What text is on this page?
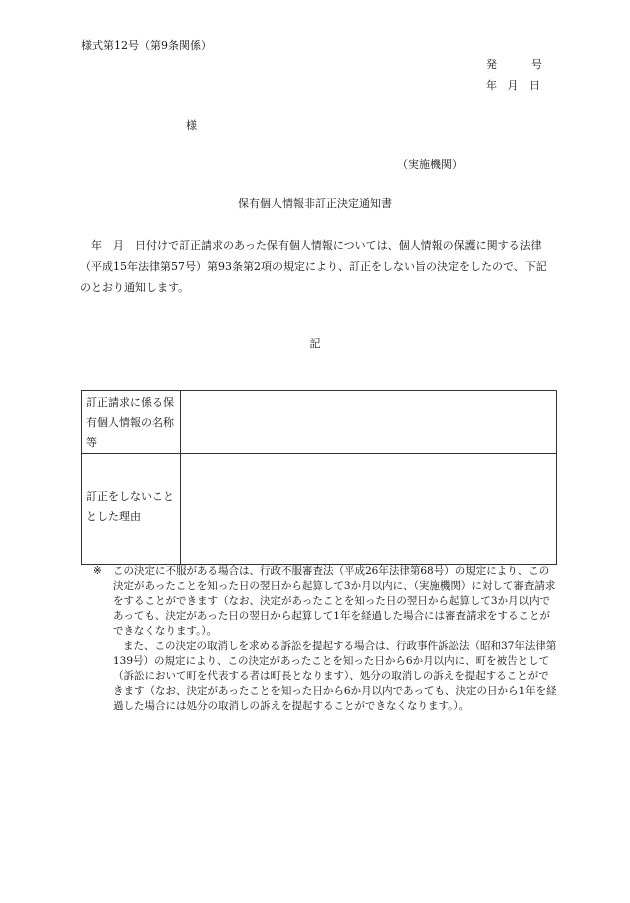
様式第12号（第9条関係）
発	号
年 月 日
様
（実施機関）
保有個人情報非訂正決定通知書
　年　月　日付けで訂正請求のあった保有個人情報については、個人情報の保護に関する法律（平成15年法律第57号）第93条第2項の規定により、訂正をしない旨の決定をしたので、下記のとおり通知します。
記
訂正請求に係る保有個人情報の名称等	

訂正をしないこととした理由	

※ この決定に不服がある場合は、行政不服審査法（平成26年法律第68号）の規定により、この決定があったことを知った日の翌日から起算して3か月以内に、（実施機関）に対して審査請求をすることができます（なお、決定があったことを知った日の翌日から起算して3か月以内であっても、決定があった日の翌日から起算して1年を経過した場合には審査請求をすることができなくなります。）。
また、この決定の取消しを求める訴訟を提起する場合は、行政事件訴訟法（昭和37年法律第139号）の規定により、この決定があったことを知った日から6か月以内に、町を被告として（訴訟において町を代表する者は町長となります）、処分の取消しの訴えを提起することができます（なお、決定があったことを知った日から6か月以内であっても、決定の日から1年を経過した場合には処分の取消しの訴えを提起することができなくなります。）。
